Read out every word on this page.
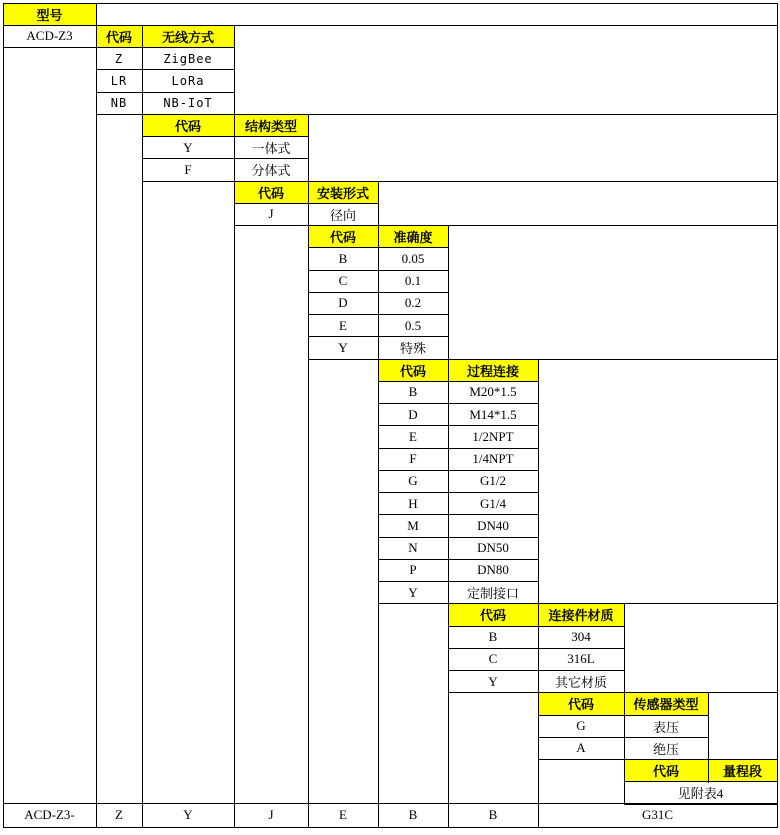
型号
ACD-Z3	代码	无线方式
Z	ZigBee
LR	LoRa
NB	NB-IoT
代码	结构类型
Y	一体式
F	分体式
代码	安装形式
J	径向
代码	准确度
B	0.05
C	0.1
D	0.2
E	0.5
Y	特殊
代码	过程连接
B	M20*1.5
D	M14*1.5
E	1/2NPT
F	1/4NPT
G	G1/2
H	G1/4
M	DN40
N	DN50
P	DN80
Y	定制接口
代码	连接件材质
B	304
C	316L
Y	其它材质
代码	传感器类型
G	表压
A	绝压
代码	量程段
见附表4
ACD-Z3-	Z	Y	J	E	B	B	G31C
